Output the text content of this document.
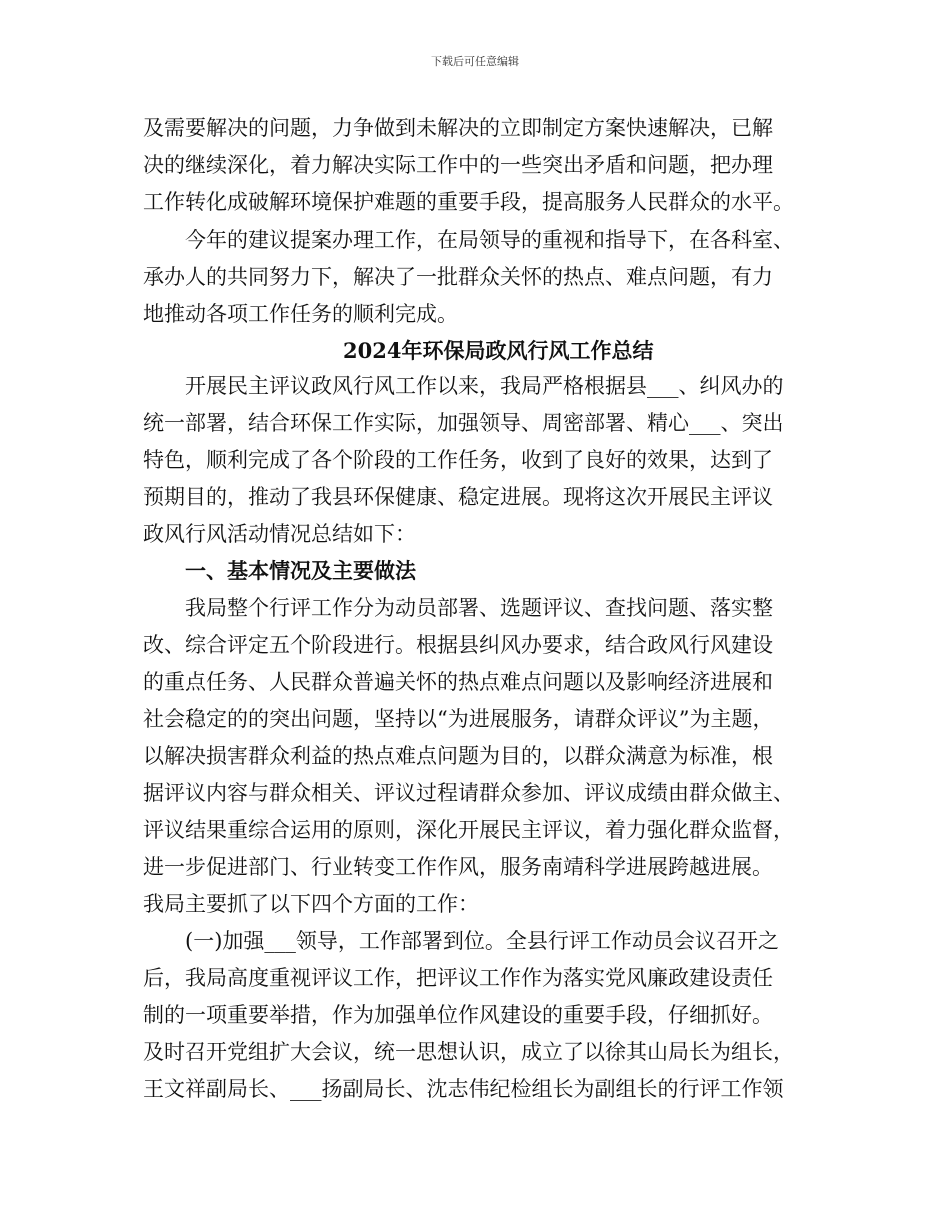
下载后可任意编辑
及需要解决的问题，力争做到未解决的立即制定方案快速解决，已解
决的继续深化，着力解决实际工作中的一些突出矛盾和问题，把办理
工作转化成破解环境保护难题的重要手段，提高服务人民群众的水平。
　　今年的建议提案办理工作，在局领导的重视和指导下，在各科室、
承办人的共同努力下，解决了一批群众关怀的热点、难点问题，有力
地推动各项工作任务的顺利完成。
2024年环保局政风行风工作总结
　　开展民主评议政风行风工作以来，我局严格根据县___、纠风办的
统一部署，结合环保工作实际，加强领导、周密部署、精心___、突出
特色，顺利完成了各个阶段的工作任务，收到了良好的效果，达到了
预期目的，推动了我县环保健康、稳定进展。现将这次开展民主评议
政风行风活动情况总结如下：
　　一、基本情况及主要做法
　　我局整个行评工作分为动员部署、选题评议、查找问题、落实整
改、综合评定五个阶段进行。根据县纠风办要求，结合政风行风建设
的重点任务、人民群众普遍关怀的热点难点问题以及影响经济进展和
社会稳定的的突出问题，坚持以“为进展服务，请群众评议”为主题，
以解决损害群众利益的热点难点问题为目的，以群众满意为标准，根
据评议内容与群众相关、评议过程请群众参加、评议成绩由群众做主、
评议结果重综合运用的原则，深化开展民主评议，着力强化群众监督，
进一步促进部门、行业转变工作作风，服务南靖科学进展跨越进展。
我局主要抓了以下四个方面的工作：
　　(一)加强___领导，工作部署到位。全县行评工作动员会议召开之
后，我局高度重视评议工作，把评议工作作为落实党风廉政建设责任
制的一项重要举措，作为加强单位作风建设的重要手段，仔细抓好。
及时召开党组扩大会议，统一思想认识，成立了以徐其山局长为组长，
王文祥副局长、___扬副局长、沈志伟纪检组长为副组长的行评工作领
